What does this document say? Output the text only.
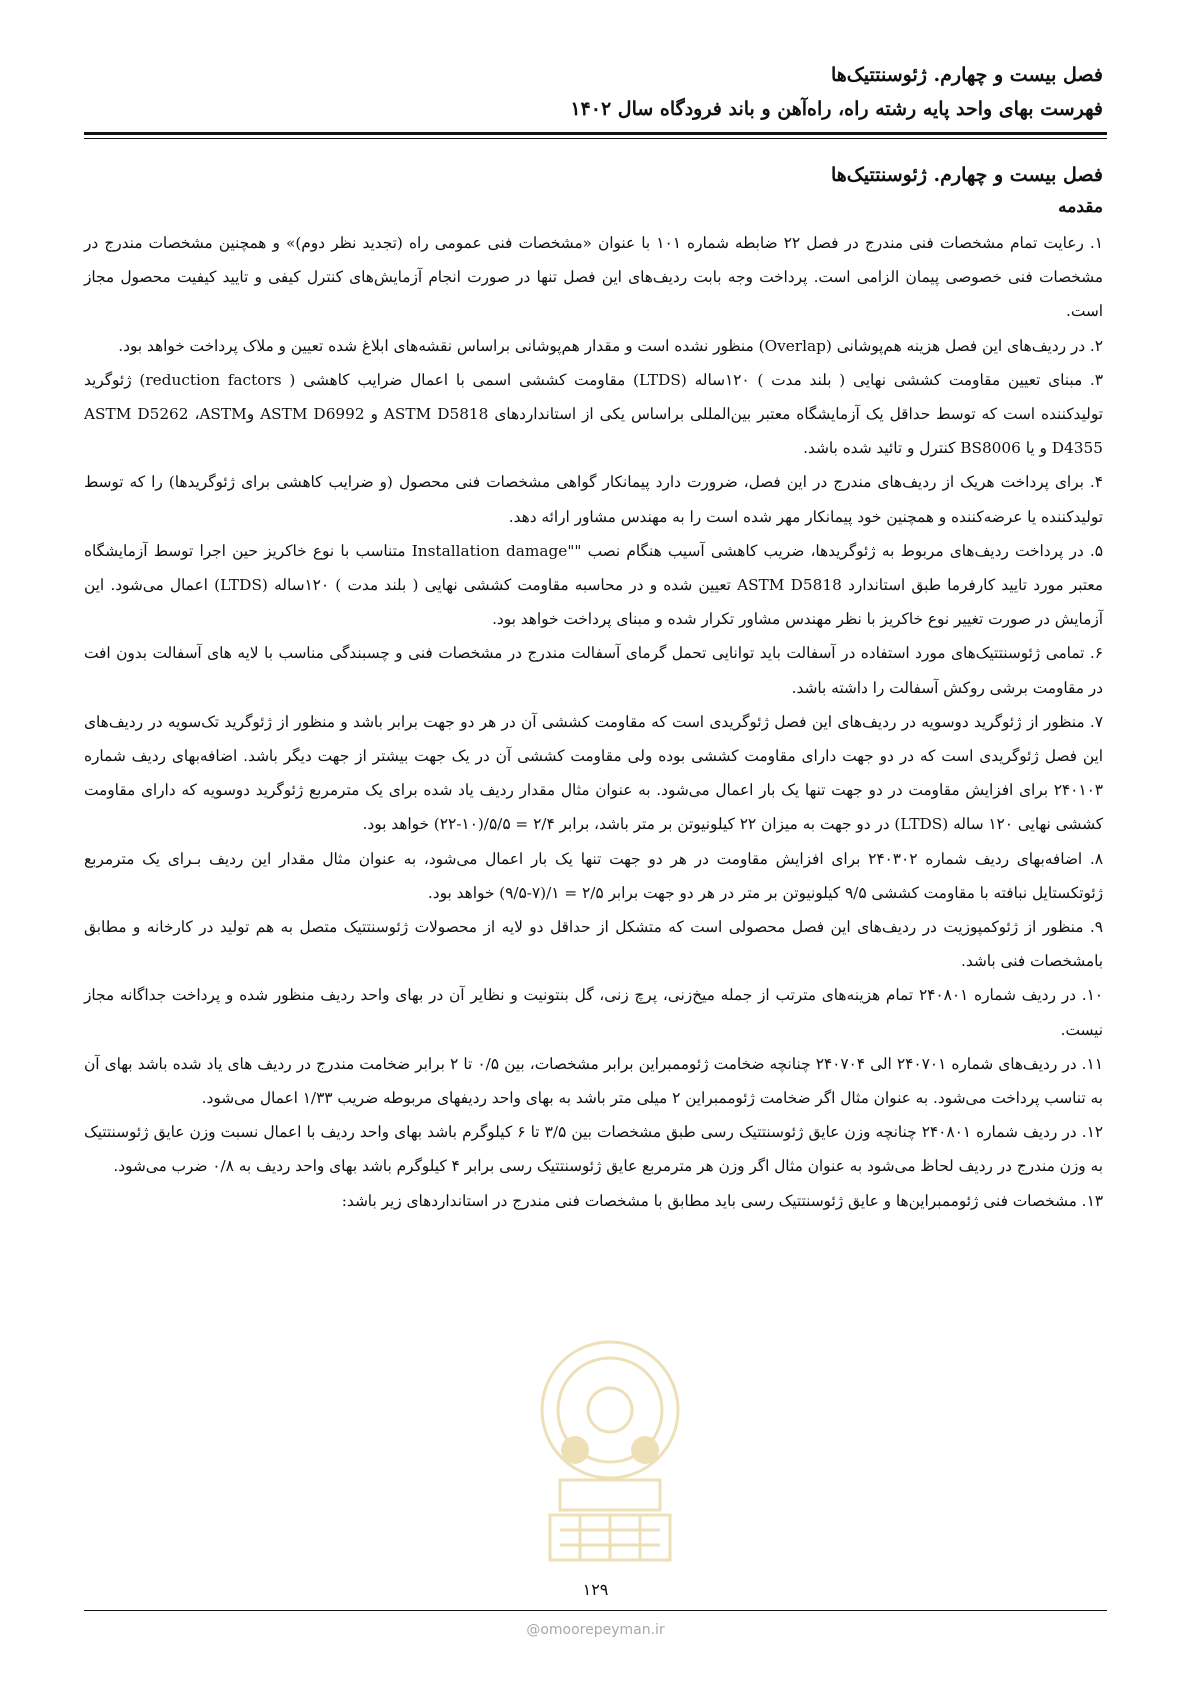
فصل بیست و چهارم. ژئوسنتتیک‌ها
فهرست بهای واحد پایه رشته راه، راه‌آهن و باند فرودگاه سال ۱۴۰۲
فصل بیست و چهارم. ژئوسنتتیک‌ها
مقدمه

۱. رعایت تمام مشخصات فنی مندرج در فصل ۲۲ ضابطه شماره ۱۰۱ با عنوان «مشخصات فنی عمومی راه (تجدید نظر دوم)» و همچنین مشخصات مندرج در مشخصات فنی خصوصی پیمان الزامی است. پرداخت وجه بابت ردیف‌های این فصل تنها در صورت انجام آزمایش‌های کنترل کیفی و تایید کیفیت محصول مجاز است.

۲. در ردیف‌های این فصل هزینه هم‌پوشانی (Overlap) منظور نشده است و مقدار هم‌پوشانی براساس نقشه‌های ابلاغ شده تعیین و ملاک پرداخت خواهد بود.

۳. مبنای تعیین مقاومت کششی نهایی ( بلند مدت ) ۱۲۰ساله (LTDS) مقاومت کششی اسمی با اعمال ضرایب کاهشی ( reduction factors) ژئوگرید تولیدکننده است که توسط حداقل یک آزمایشگاه معتبر بین‌المللی براساس یکی از استانداردهای ASTM D5818 و ASTM D6992 وASTM D5262 ،ASTM D4355 و یا BS8006 کنترل و تائید شده باشد.

۴. برای پرداخت هریک از ردیف‌های مندرج در این فصل، ضرورت دارد پیمانکار گواهی مشخصات فنی محصول (و ضرایب کاهشی برای ژئوگریدها) را که توسط تولیدکننده یا عرضه‌کننده و همچنین خود پیمانکار مهر شده است را به مهندس مشاور ارائه دهد.

۵. در پرداخت ردیف‌های مربوط به ژئوگریدها، ضریب کاهشی آسیب هنگام نصب ""Installation damage متناسب با نوع خاکریز حین اجرا توسط آزمایشگاه معتبر مورد تایید کارفرما طبق استاندارد ASTM D5818 تعیین شده و در محاسبه مقاومت کششی نهایی ( بلند مدت ) ۱۲۰ساله (LTDS) اعمال می‌شود. این آزمایش در صورت تغییر نوع خاکریز با نظر مهندس مشاور تکرار شده و مبنای پرداخت خواهد بود.

۶. تمامی ژئوسنتتیک‌های مورد استفاده در آسفالت باید توانایی تحمل گرمای آسفالت مندرج در مشخصات فنی و چسبندگی مناسب با لایه های آسفالت بدون افت در مقاومت برشی روکش آسفالت را داشته باشد.

۷. منظور از ژئوگرید دوسویه در ردیف‌های این فصل ژئوگریدی است که مقاومت کششی آن در هر دو جهت برابر باشد و منظور از ژئوگرید تک‌سویه در ردیف‌های این فصل ژئوگریدی است که در دو جهت دارای مقاومت کششی بوده ولی مقاومت کششی آن در یک جهت بیشتر از جهت دیگر باشد. اضافه‌بهای ردیف شماره ۲۴۰۱۰۳ برای افزایش مقاومت در دو جهت تنها یک بار اعمال می‌شود. به عنوان مثال مقدار ردیف یاد شده برای یک مترمربع ژئوگرید دوسویه که دارای مقاومت کششی نهایی ۱۲۰ ساله (LTDS) در دو جهت به میزان ۲۲ کیلونیوتن بر متر باشد، برابر ۲/۴ = ۵/۵/(۱۰-۲۲) خواهد بود.

۸. اضافه‌بهای ردیف شماره ۲۴۰۳۰۲ برای افزایش مقاومت در هر دو جهت تنها یک بار اعمال می‌شود، به عنوان مثال مقدار این ردیف بـرای یک مترمربع ژئوتکستایل نبافته با مقاومت کششی ۹/۵ کیلونیوتن بر متر در هر دو جهت برابر ۲/۵ = ۱/(۷-۹/۵) خواهد بود.

۹. منظور از ژئوکمپوزیت در ردیف‌های این فصل محصولی است که متشکل از حداقل دو لایه از محصولات ژئوسنتتیک متصل به هم تولید در کارخانه و مطابق بامشخصات فنی باشد.

۱۰. در ردیف شماره ۲۴۰۸۰۱ تمام هزینه‌های مترتب از جمله میخ‌زنی، پرچ زنی، گل بنتونیت و نظایر آن در بهای واحد ردیف منظور شده و پرداخت جداگانه مجاز نیست.

۱۱. در ردیف‌های شماره ۲۴۰۷۰۱ الی ۲۴۰۷۰۴ چنانچه ضخامت ژئوممبراین برابر مشخصات، بین ۰/۵ تا ۲ برابر ضخامت مندرج در ردیف های یاد شده باشد بهای آن به تناسب پرداخت می‌شود. به عنوان مثال اگر ضخامت ژئوممبراین ۲ میلی متر باشد به بهای واحد ردیفهای مربوطه ضریب ۱/۳۳ اعمال می‌شود.

۱۲. در ردیف شماره ۲۴۰۸۰۱ چنانچه وزن عایق ژئوسنتتیک رسی طبق مشخصات بین ۳/۵ تا ۶ کیلوگرم باشد بهای واحد ردیف با اعمال نسبت وزن عایق ژئوسنتتیک به وزن مندرج در ردیف لحاظ می‌شود به عنوان مثال اگر وزن هر مترمربع عایق ژئوسنتتیک رسی برابر ۴ کیلوگرم باشد بهای واحد ردیف به ۰/۸ ضرب می‌شود.

۱۳. مشخصات فنی ژئوممبراین‌ها و عایق ژئوسنتتیک رسی باید مطابق با مشخصات فنی مندرج در استانداردهای زیر باشد:

۱۲۹
@omoorepeyman.ir
